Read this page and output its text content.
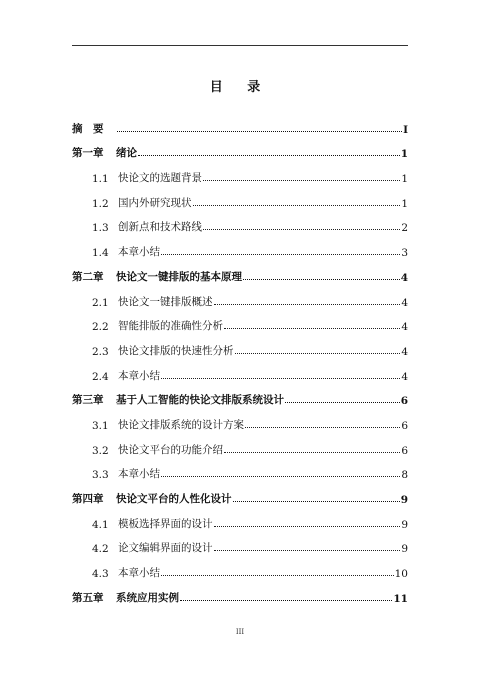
目 录
摘　要	I
第一章	绪论	1
1.1 快论文的选题背景	1
1.2 国内外研究现状	1
1.3 创新点和技术路线	2
1.4 本章小结	3
第二章	快论文一键排版的基本原理	4
2.1 快论文一键排版概述	4
2.2 智能排版的准确性分析	4
2.3 快论文排版的快速性分析	4
2.4 本章小结	4
第三章	基于人工智能的快论文排版系统设计	6
3.1 快论文排版系统的设计方案	6
3.2 快论文平台的功能介绍	6
3.3 本章小结	8
第四章	快论文平台的人性化设计	9
4.1 模板选择界面的设计	9
4.2 论文编辑界面的设计	9
4.3 本章小结	10
第五章	系统应用实例	11
III
